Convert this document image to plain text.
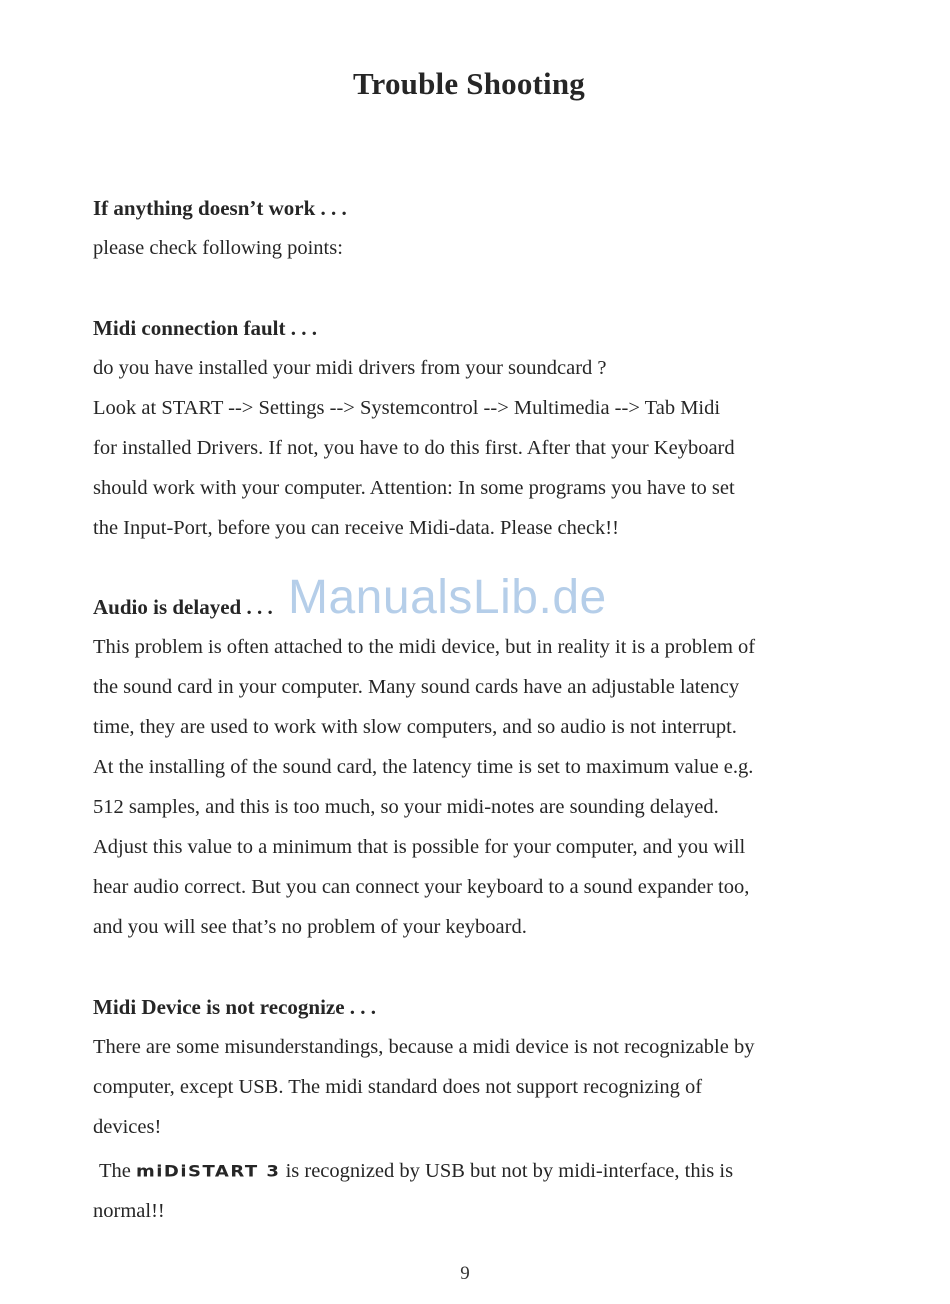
Trouble Shooting
If anything doesn’t work . . .
please check following points:
Midi connection fault . . .
do you have installed your midi drivers from your soundcard ?
Look at START --> Settings --> Systemcontrol --> Multimedia --> Tab Midi
for installed Drivers. If not, you have to do this first. After that your Keyboard
should work with your computer. Attention: In some programs you have to set
the Input-Port, before you can receive Midi-data. Please check!!
Audio is delayed . . .
This problem is often attached to the midi device, but in reality it is a problem of
the sound card in your computer. Many sound cards have an adjustable latency
time, they are used to work with slow computers, and so audio is not interrupt.
At the installing of the sound card, the latency time is set to maximum value e.g.
512 samples, and this is too much, so your midi-notes are sounding delayed.
Adjust this value to a minimum that is possible for your computer, and you will
hear audio correct. But you can connect your keyboard to a sound expander too,
and you will see that’s no problem of your keyboard.
Midi Device is not recognize . . .
There are some misunderstandings, because a midi device is not recognizable by
computer, except USB. The midi standard does not support recognizing of
devices!
The miDiSTART 3 is recognized by USB but not by midi-interface, this is
normal!!
ManualsLib.de
9
